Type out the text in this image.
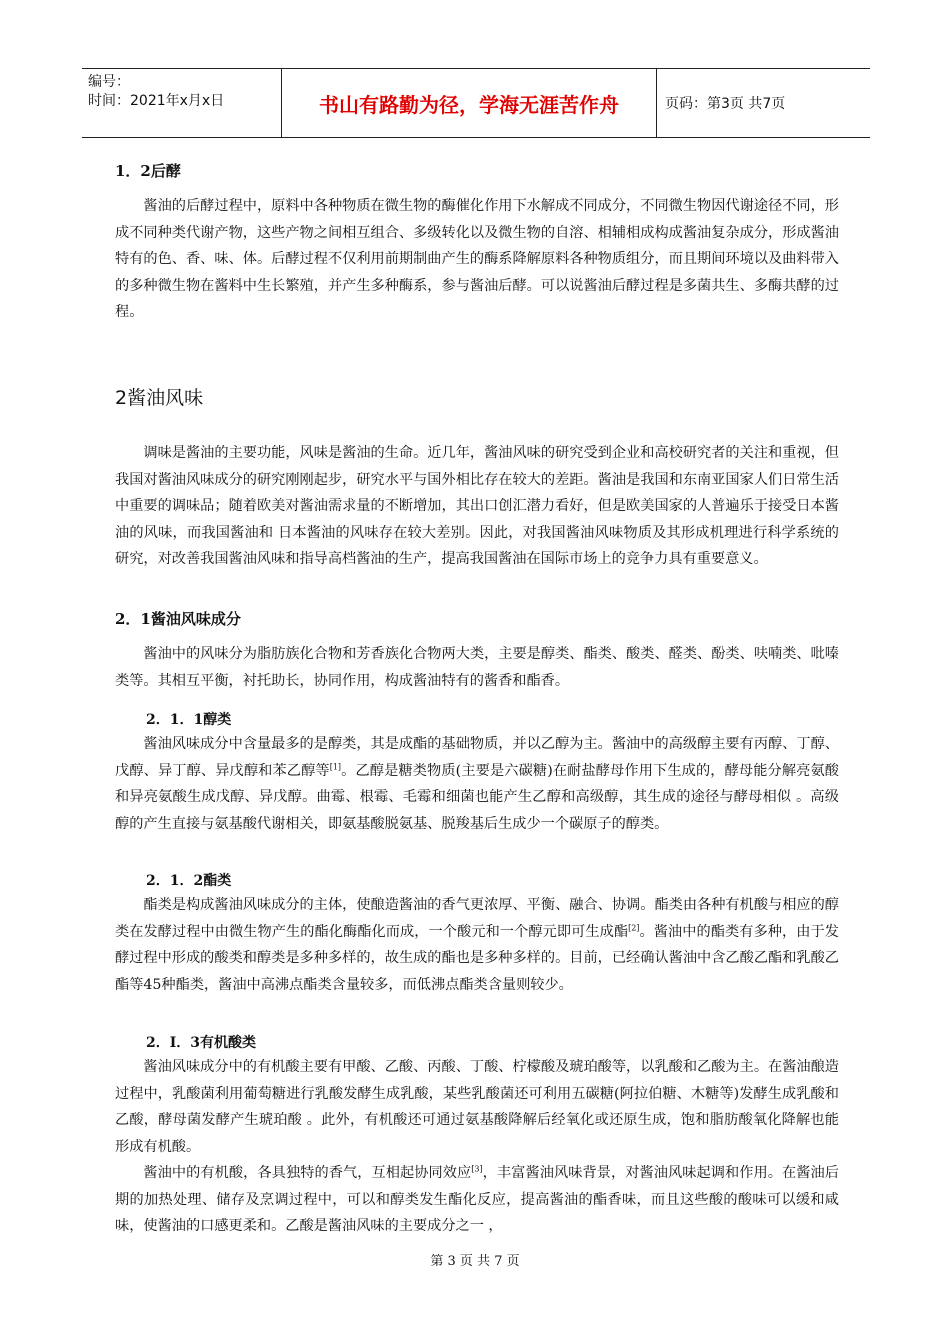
编号：
时间：2021年x月x日	书山有路勤为径，学海无涯苦作舟	页码：第3页 共7页
1．2后酵

酱油的后酵过程中，原料中各种物质在微生物的酶催化作用下水解成不同成分，不同微生物因代谢途径不同，形成不同种类代谢产物，这些产物之间相互组合、多级转化以及微生物的自溶、相辅相成构成酱油复杂成分，形成酱油特有的色、香、味、体。后酵过程不仅利用前期制曲产生的酶系降解原料各种物质组分，而且期间环境以及曲料带入的多种微生物在酱料中生长繁殖，并产生多种酶系，参与酱油后酵。可以说酱油后酵过程是多菌共生、多酶共酵的过程。

2酱油风味

调味是酱油的主要功能，风味是酱油的生命。近几年，酱油风味的研究受到企业和高校研究者的关注和重视，但我国对酱油风味成分的研究刚刚起步，研究水平与国外相比存在较大的差距。酱油是我国和东南亚国家人们日常生活中重要的调味品；随着欧美对酱油需求量的不断增加，其出口创汇潜力看好，但是欧美国家的人普遍乐于接受日本酱油的风味，而我国酱油和 日本酱油的风味存在较大差别。因此，对我国酱油风味物质及其形成机理进行科学系统的研究，对改善我国酱油风味和指导高档酱油的生产，提高我国酱油在国际市场上的竞争力具有重要意义。

2．1酱油风味成分

酱油中的风味分为脂肪族化合物和芳香族化合物两大类，主要是醇类、酯类、酸类、醛类、酚类、呋喃类、吡嗪类等。其相互平衡，衬托助长，协同作用，构成酱油特有的酱香和酯香。

2．1．1醇类

酱油风味成分中含量最多的是醇类，其是成酯的基础物质，并以乙醇为主。酱油中的高级醇主要有丙醇、丁醇、戊醇、异丁醇、异戊醇和苯乙醇等[1]。乙醇是糖类物质(主要是六碳糖)在耐盐酵母作用下生成的，酵母能分解亮氨酸和异亮氨酸生成戊醇、异戊醇。曲霉、根霉、毛霉和细菌也能产生乙醇和高级醇，其生成的途径与酵母相似 。高级醇的产生直接与氨基酸代谢相关，即氨基酸脱氨基、脱羧基后生成少一个碳原子的醇类。

2．1．2酯类

酯类是构成酱油风味成分的主体，使酿造酱油的香气更浓厚、平衡、融合、协调。酯类由各种有机酸与相应的醇类在发酵过程中由微生物产生的酯化酶酯化而成，一个酸元和一个醇元即可生成酯[2]。酱油中的酯类有多种，由于发酵过程中形成的酸类和醇类是多种多样的，故生成的酯也是多种多样的。目前，已经确认酱油中含乙酸乙酯和乳酸乙酯等45种酯类，酱油中高沸点酯类含量较多，而低沸点酯类含量则较少。

2．I．3有机酸类

酱油风味成分中的有机酸主要有甲酸、乙酸、丙酸、丁酸、柠檬酸及琥珀酸等，以乳酸和乙酸为主。在酱油酿造过程中，乳酸菌利用葡萄糖进行乳酸发酵生成乳酸，某些乳酸菌还可利用五碳糖(阿拉伯糖、木糖等)发酵生成乳酸和乙酸，酵母菌发酵产生琥珀酸 。此外，有机酸还可通过氨基酸降解后经氧化或还原生成，饱和脂肪酸氧化降解也能形成有机酸。

酱油中的有机酸，各具独特的香气，互相起协同效应[3]，丰富酱油风味背景，对酱油风味起调和作用。在酱油后期的加热处理、储存及烹调过程中，可以和醇类发生酯化反应，提高酱油的酯香味，而且这些酸的酸味可以缓和咸味，使酱油的口感更柔和。乙酸是酱油风味的主要成分之一 ，

第 3 页 共 7 页
